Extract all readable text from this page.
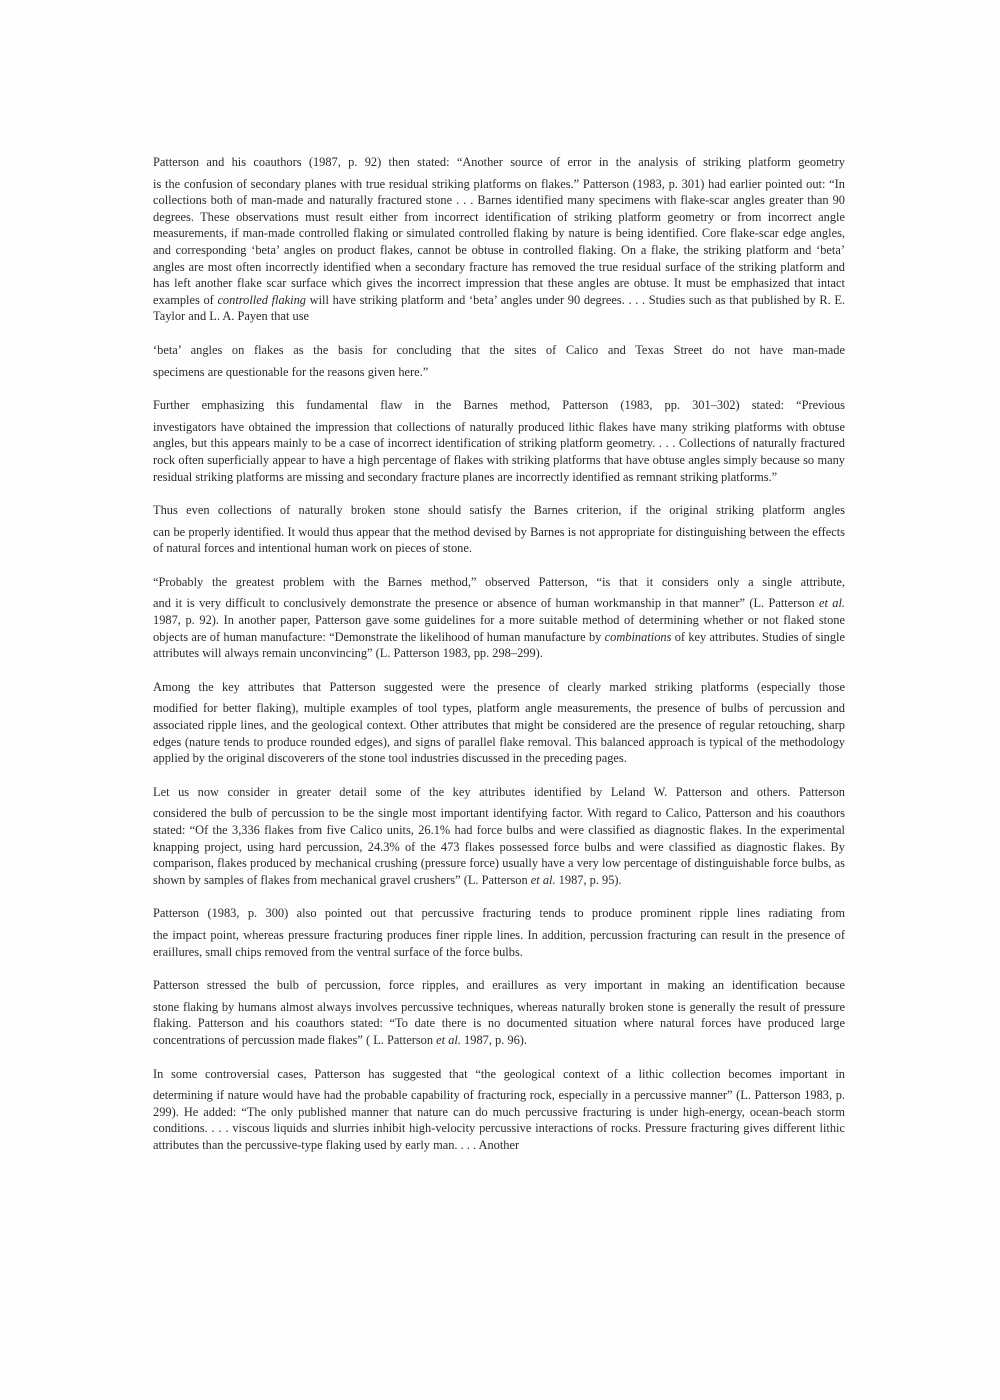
Patterson and his coauthors (1987, p. 92) then stated: “Another source of error in the analysis of striking platform geometry
is the confusion of secondary planes with true residual striking platforms on flakes.” Patterson (1983, p. 301) had earlier pointed out: “In collections both of man-made and naturally fractured stone . . . Barnes identified many specimens with flake-scar angles greater than 90 degrees. These observations must result either from incorrect identification of striking platform geometry or from incorrect angle measurements, if man-made controlled flaking or simulated controlled flaking by nature is being identified. Core flake-scar edge angles, and corresponding ‘beta’ angles on product flakes, cannot be obtuse in controlled flaking. On a flake, the striking platform and ‘beta’ angles are most often incorrectly identified when a secondary fracture has removed the true residual surface of the striking platform and has left another flake scar surface which gives the incorrect impression that these angles are obtuse. It must be emphasized that intact examples of controlled flaking will have striking platform and ‘beta’ angles under 90 degrees. . . . Studies such as that published by R. E. Taylor and L. A. Payen that use

‘beta’ angles on flakes as the basis for concluding that the sites of Calico and Texas Street do not have man-made
specimens are questionable for the reasons given here.”

Further emphasizing this fundamental flaw in the Barnes method, Patterson (1983, pp. 301–302) stated: “Previous
investigators have obtained the impression that collections of naturally produced lithic flakes have many striking platforms with obtuse angles, but this appears mainly to be a case of incorrect identification of striking platform geometry. . . . Collections of naturally fractured rock often superficially appear to have a high percentage of flakes with striking platforms that have obtuse angles simply because so many residual striking platforms are missing and secondary fracture planes are incorrectly identified as remnant striking platforms.”

Thus even collections of naturally broken stone should satisfy the Barnes criterion, if the original striking platform angles
can be properly identified. It would thus appear that the method devised by Barnes is not appropriate for distinguishing between the effects of natural forces and intentional human work on pieces of stone.

“Probably the greatest problem with the Barnes method,” observed Patterson, “is that it considers only a single attribute,
and it is very difficult to conclusively demonstrate the presence or absence of human workmanship in that manner” (L. Patterson et al. 1987, p. 92). In another paper, Patterson gave some guidelines for a more suitable method of determining whether or not flaked stone objects are of human manufacture: “Demonstrate the likelihood of human manufacture by combinations of key attributes. Studies of single attributes will always remain unconvincing” (L. Patterson 1983, pp. 298–299).

Among the key attributes that Patterson suggested were the presence of clearly marked striking platforms (especially those
modified for better flaking), multiple examples of tool types, platform angle measurements, the presence of bulbs of percussion and associated ripple lines, and the geological context. Other attributes that might be considered are the presence of regular retouching, sharp edges (nature tends to produce rounded edges), and signs of parallel flake removal. This balanced approach is typical of the methodology applied by the original discoverers of the stone tool industries discussed in the preceding pages.

Let us now consider in greater detail some of the key attributes identified by Leland W. Patterson and others. Patterson
considered the bulb of percussion to be the single most important identifying factor. With regard to Calico, Patterson and his coauthors stated: “Of the 3,336 flakes from five Calico units, 26.1% had force bulbs and were classified as diagnostic flakes. In the experimental knapping project, using hard percussion, 24.3% of the 473 flakes possessed force bulbs and were classified as diagnostic flakes. By comparison, flakes produced by mechanical crushing (pressure force) usually have a very low percentage of distinguishable force bulbs, as shown by samples of flakes from mechanical gravel crushers” (L. Patterson et al. 1987, p. 95).

Patterson (1983, p. 300) also pointed out that percussive fracturing tends to produce prominent ripple lines radiating from
the impact point, whereas pressure fracturing produces finer ripple lines. In addition, percussion fracturing can result in the presence of eraillures, small chips removed from the ventral surface of the force bulbs.

Patterson stressed the bulb of percussion, force ripples, and eraillures as very important in making an identification because
stone flaking by humans almost always involves percussive techniques, whereas naturally broken stone is generally the result of pressure flaking. Patterson and his coauthors stated: “To date there is no documented situation where natural forces have produced large concentrations of percussion made flakes” ( L. Patterson et al. 1987, p. 96).

In some controversial cases, Patterson has suggested that “the geological context of a lithic collection becomes important in
determining if nature would have had the probable capability of fracturing rock, especially in a percussive manner” (L. Patterson 1983, p. 299). He added: “The only published manner that nature can do much percussive fracturing is under high-energy, ocean-beach storm conditions. . . . viscous liquids and slurries inhibit high-velocity percussive interactions of rocks. Pressure fracturing gives different lithic attributes than the percussive-type flaking used by early man. . . . Another
